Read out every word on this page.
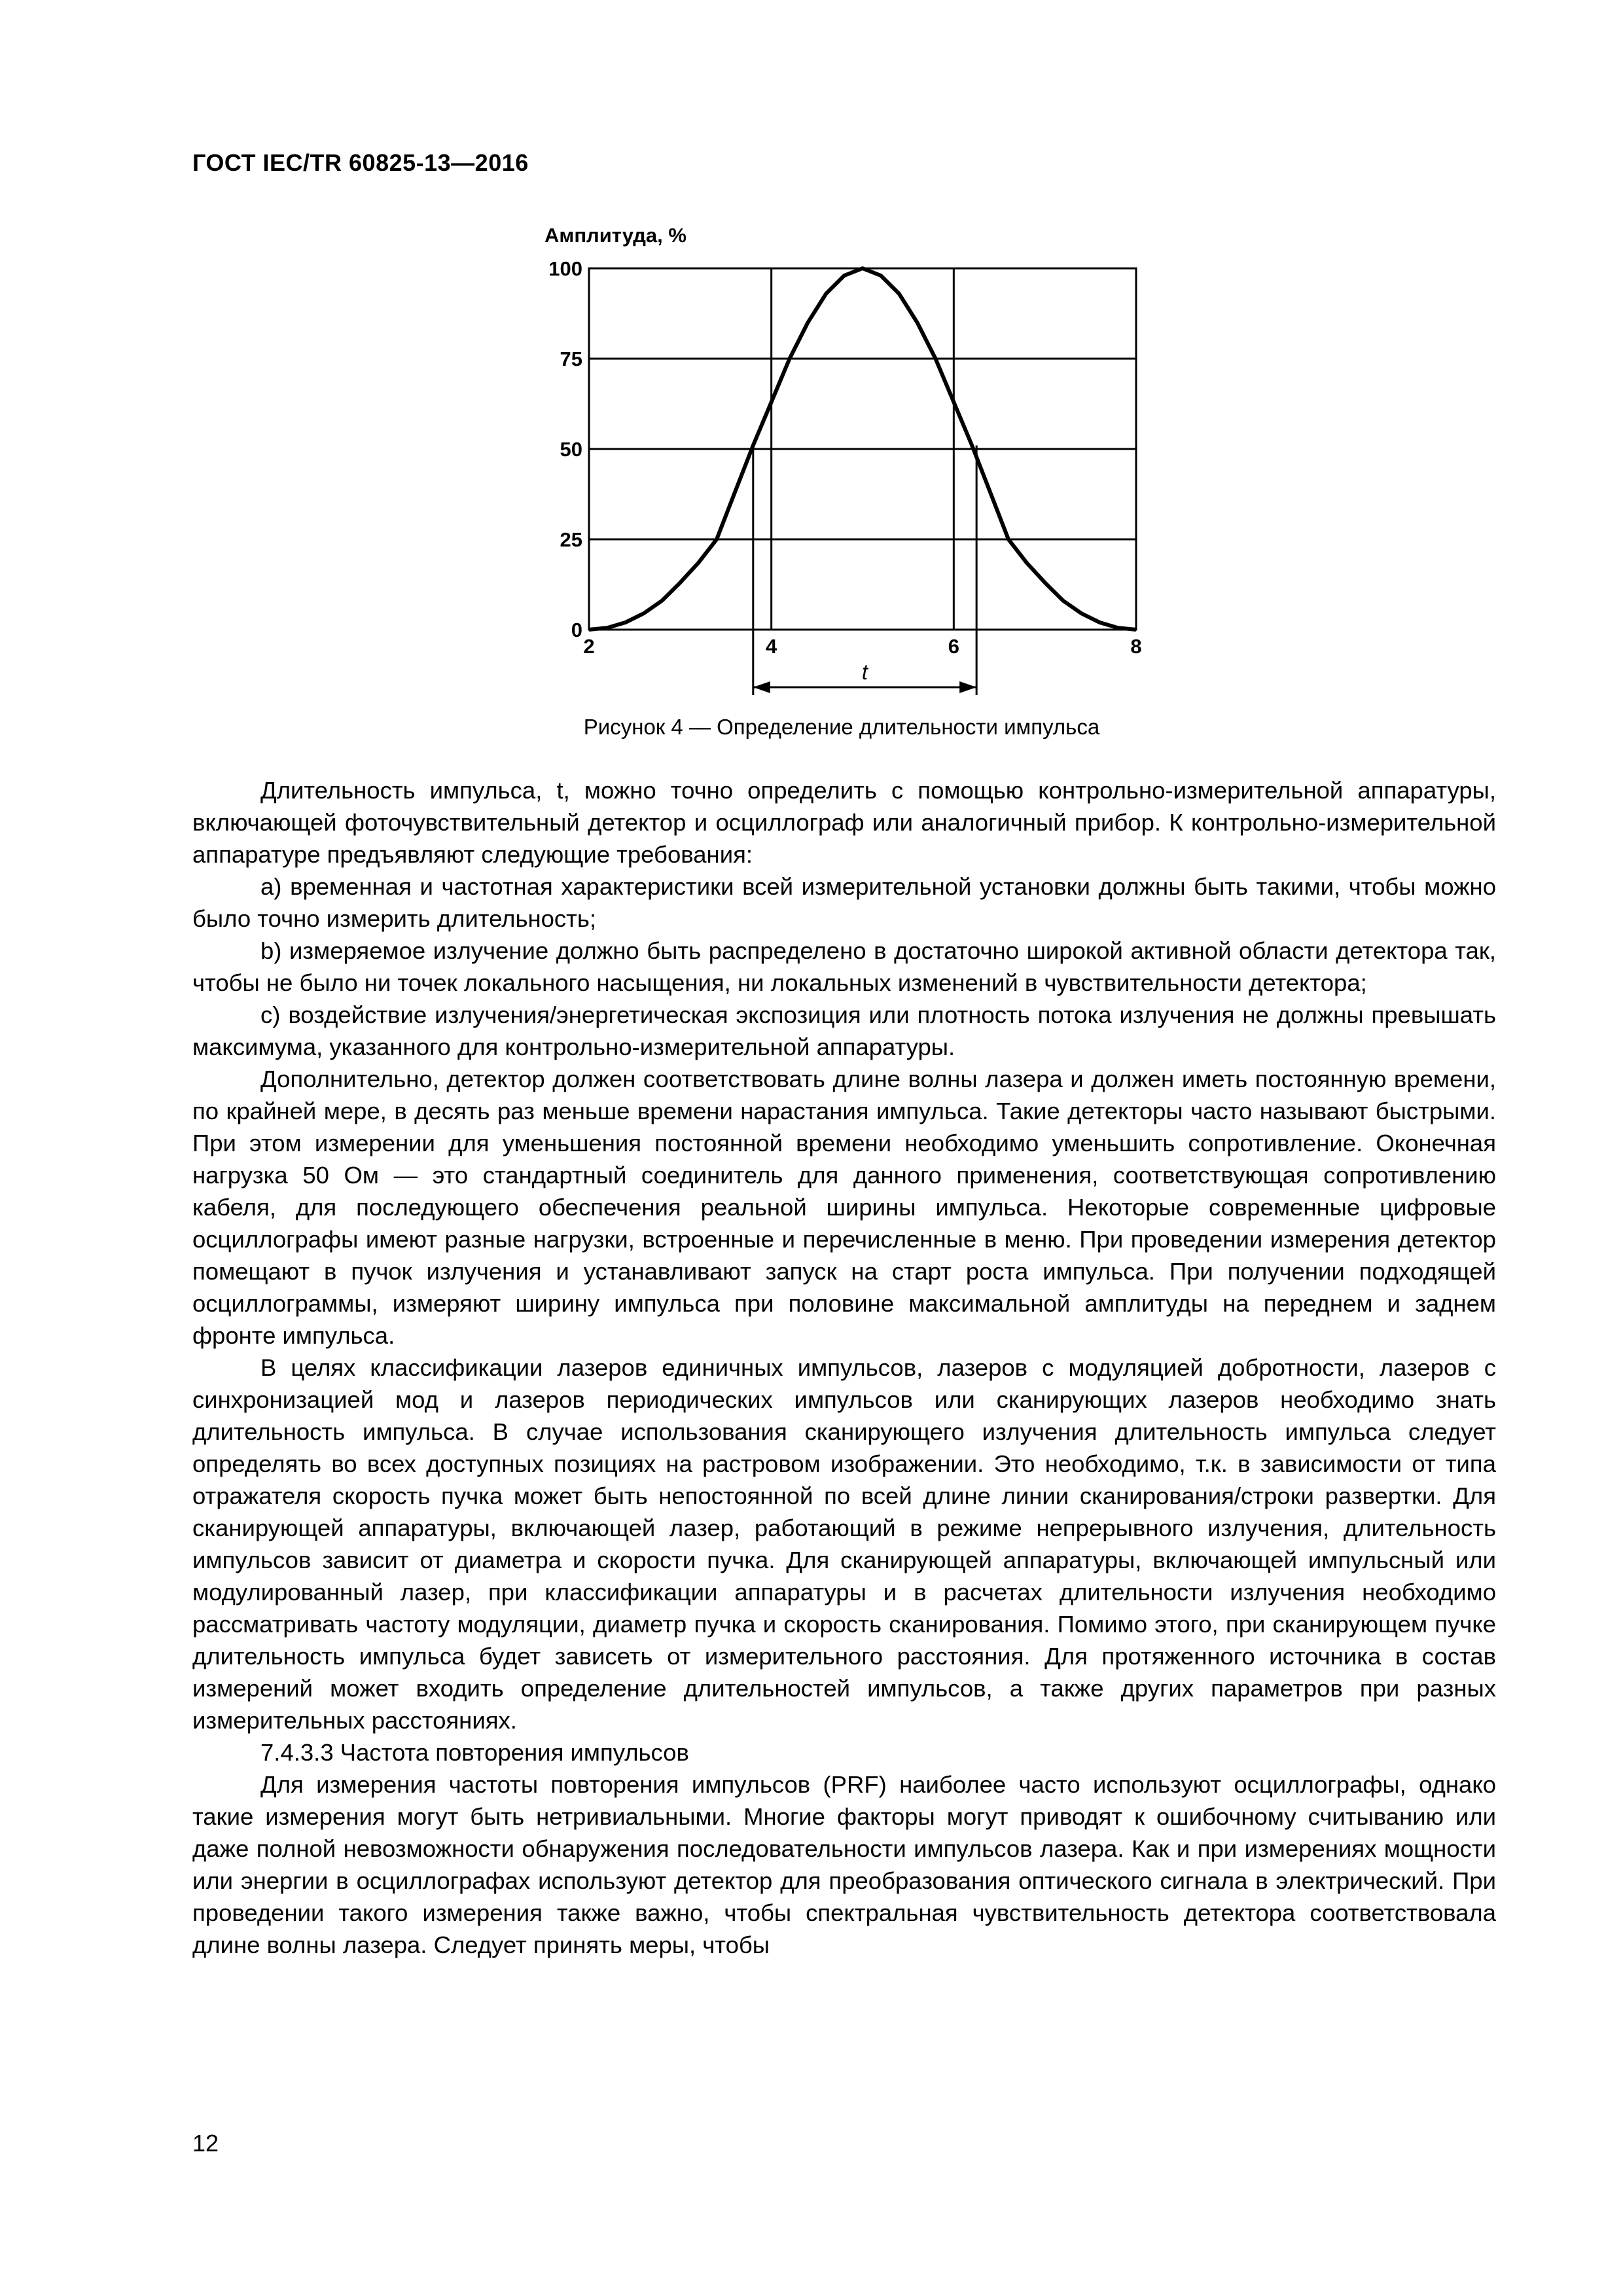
ГОСТ IEC/TR 60825-13—2016
0
25
50
75
100
2	4	6	8
Амплитуда, %
t
Рисунок 4 — Определение длительности импульса

Длительность импульса, t, можно точно определить с помощью контрольно-измерительной аппаратуры, включающей фоточувствительный детектор и осциллограф или аналогичный прибор. К контрольно-измерительной аппаратуре предъявляют следующие требования:

a) временная и частотная характеристики всей измерительной установки должны быть такими, чтобы можно было точно измерить длительность;

b) измеряемое излучение должно быть распределено в достаточно широкой активной области детектора так, чтобы не было ни точек локального насыщения, ни локальных изменений в чувствительности детектора;

c) воздействие излучения/энергетическая экспозиция или плотность потока излучения не должны превышать максимума, указанного для контрольно-измерительной аппаратуры.

Дополнительно, детектор должен соответствовать длине волны лазера и должен иметь постоянную времени, по крайней мере, в десять раз меньше времени нарастания импульса. Такие детекторы часто называют быстрыми. При этом измерении для уменьшения постоянной времени необходимо уменьшить сопротивление. Оконечная нагрузка 50 Ом — это стандартный соединитель для данного применения, соответствующая сопротивлению кабеля, для последующего обеспечения реальной ширины импульса. Некоторые современные цифровые осциллографы имеют разные нагрузки, встроенные и перечисленные в меню. При проведении измерения детектор помещают в пучок излучения и устанавливают запуск на старт роста импульса. При получении подходящей осциллограммы, измеряют ширину импульса при половине максимальной амплитуды на переднем и заднем фронте импульса.

В целях классификации лазеров единичных импульсов, лазеров с модуляцией добротности, лазеров с синхронизацией мод и лазеров периодических импульсов или сканирующих лазеров необходимо знать длительность импульса. В случае использования сканирующего излучения длительность импульса следует определять во всех доступных позициях на растровом изображении. Это необходимо, т.к. в зависимости от типа отражателя скорость пучка может быть непостоянной по всей длине линии сканирования/строки развертки. Для сканирующей аппаратуры, включающей лазер, работающий в режиме непрерывного излучения, длительность импульсов зависит от диаметра и скорости пучка. Для сканирующей аппаратуры, включающей импульсный или модулированный лазер, при классификации аппаратуры и в расчетах длительности излучения необходимо рассматривать частоту модуляции, диаметр пучка и скорость сканирования. Помимо этого, при сканирующем пучке длительность импульса будет зависеть от измерительного расстояния. Для протяженного источника в состав измерений может входить определение длительностей импульсов, а также других параметров при разных измерительных расстояниях.

7.4.3.3 Частота повторения импульсов

Для измерения частоты повторения импульсов (PRF) наиболее часто используют осциллографы, однако такие измерения могут быть нетривиальными. Многие факторы могут приводят к ошибочному считыванию или даже полной невозможности обнаружения последовательности импульсов лазера. Как и при измерениях мощности или энергии в осциллографах используют детектор для преобразования оптического сигнала в электрический. При проведении такого измерения также важно, чтобы спектральная чувствительность детектора соответствовала длине волны лазера. Следует принять меры, чтобы

12
